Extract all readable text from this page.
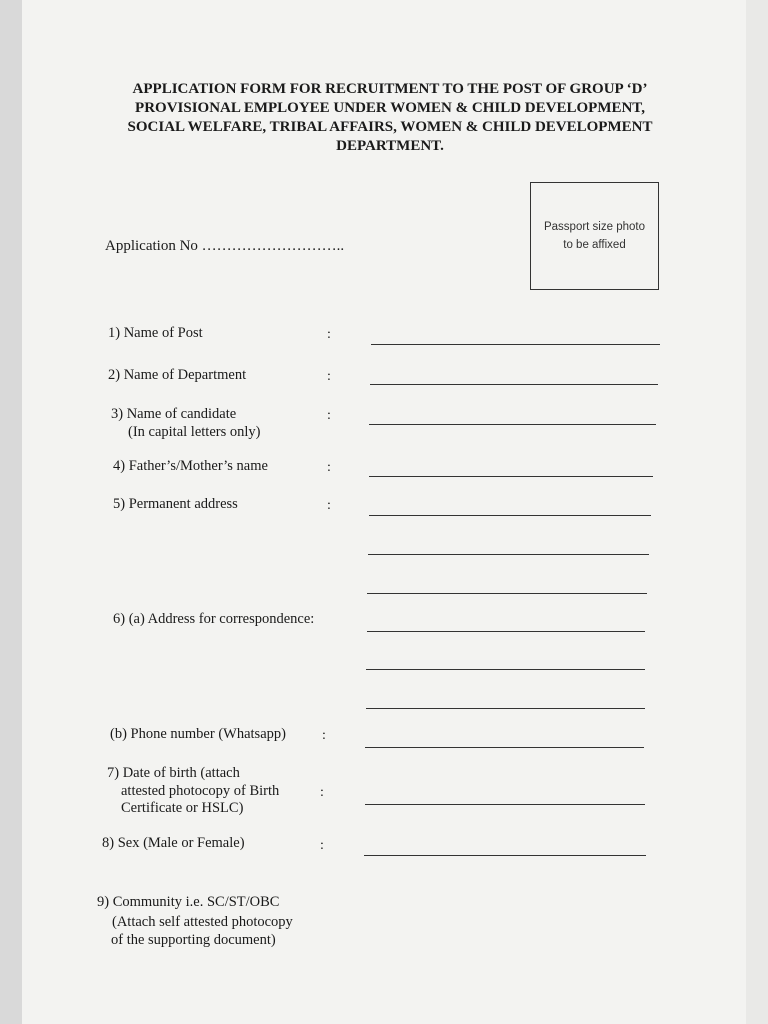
APPLICATION FORM FOR RECRUITMENT TO THE POST OF GROUP ‘D’ PROVISIONAL EMPLOYEE UNDER WOMEN & CHILD DEVELOPMENT, SOCIAL WELFARE, TRIBAL AFFAIRS, WOMEN & CHILD DEVELOPMENT DEPARTMENT.
Application No ………………………..
Passport size photo
to be affixed
1) Name of Post	:
2) Name of Department	:
3) Name of candidate
(In capital letters only)
:
4) Father’s/Mother’s name	:
5) Permanent address	:
6) (a) Address for correspondence:
(b) Phone number (Whatsapp)	:
7) Date of birth (attach
attested photocopy of Birth
Certificate or HSLC)
:
8) Sex (Male or Female)	:
9) Community i.e. SC/ST/OBC
(Attach self attested photocopy
of the supporting document)
